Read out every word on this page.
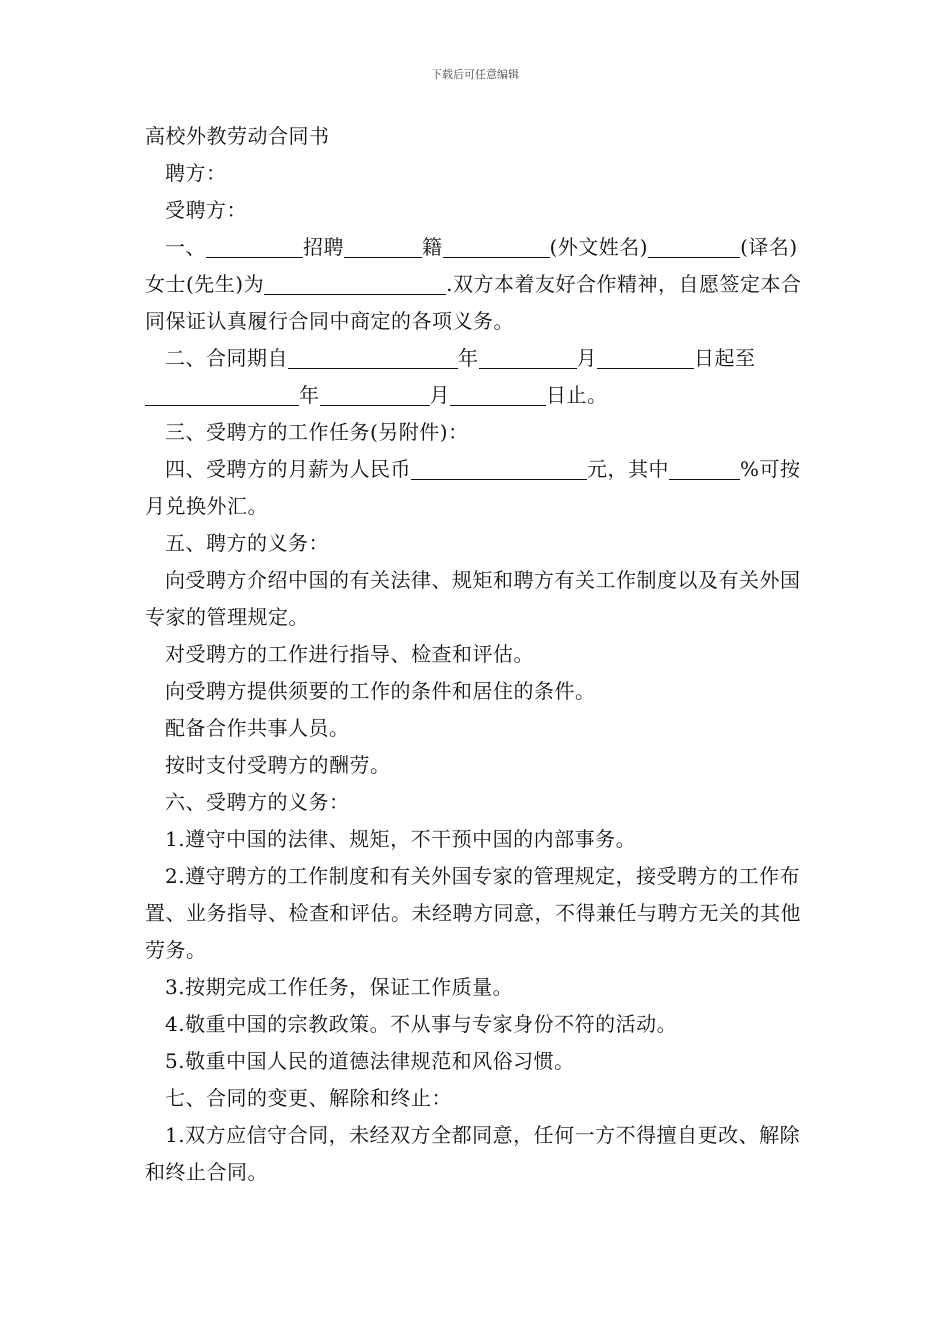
下载后可任意编辑

高校外教劳动合同书

聘方：

受聘方：

一、	招聘	籍	(外文姓名)	(译名)女士(先生)为	.双方本着友好合作精神，自愿签定本合同保证认真履行合同中商定的各项义务。

二、合同期自	年	月	日起至年	月	日止。

三、受聘方的工作任务(另附件)：

四、受聘方的月薪为人民币	元，其中	%可按月兑换外汇。

五、聘方的义务：

向受聘方介绍中国的有关法律、规矩和聘方有关工作制度以及有关外国专家的管理规定。

对受聘方的工作进行指导、检查和评估。

向受聘方提供须要的工作的条件和居住的条件。

配备合作共事人员。

按时支付受聘方的酬劳。

六、受聘方的义务：

1.遵守中国的法律、规矩，不干预中国的内部事务。

2.遵守聘方的工作制度和有关外国专家的管理规定，接受聘方的工作布置、业务指导、检查和评估。未经聘方同意，不得兼任与聘方无关的其他劳务。

3.按期完成工作任务，保证工作质量。

4.敬重中国的宗教政策。不从事与专家身份不符的活动。

5.敬重中国人民的道德法律规范和风俗习惯。

七、合同的变更、解除和终止：

1.双方应信守合同，未经双方全都同意，任何一方不得擅自更改、解除和终止合同。
